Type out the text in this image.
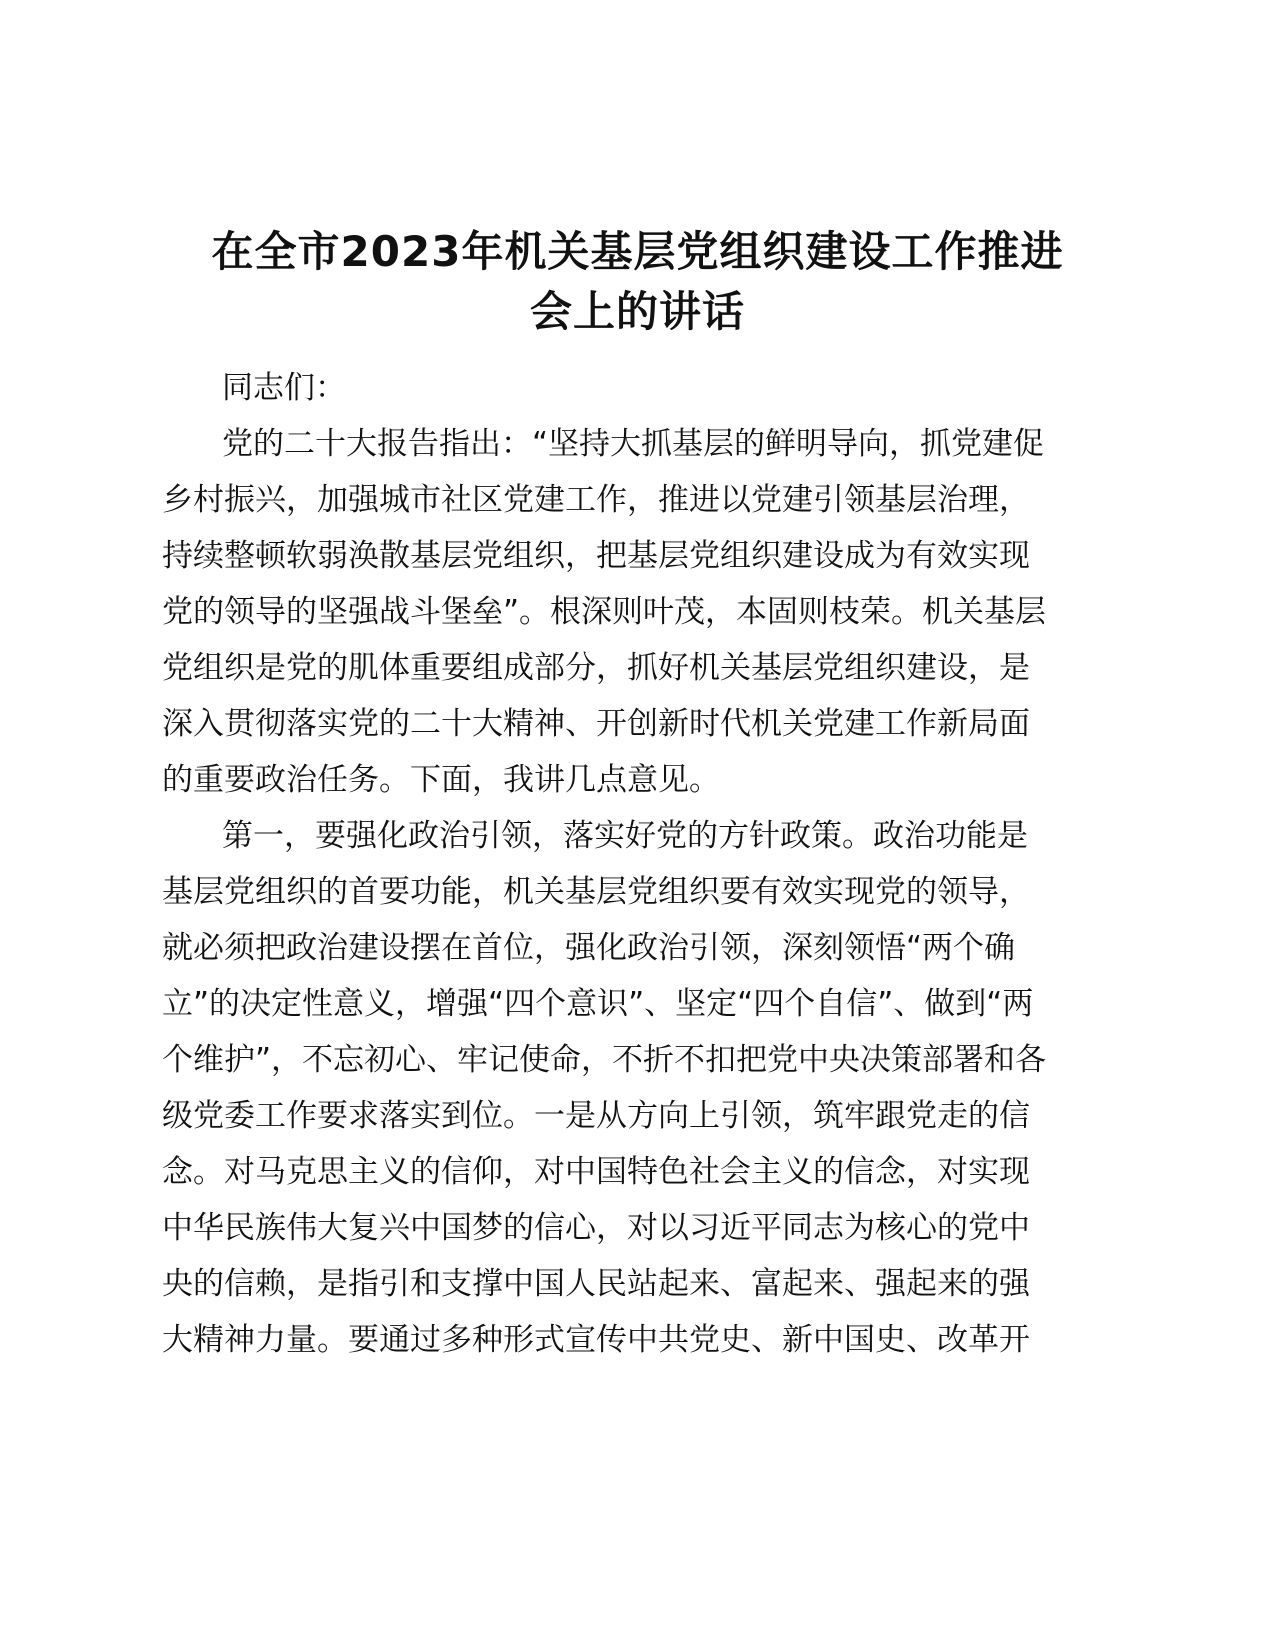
在全市2023年机关基层党组织建设工作推进
会上的讲话
同志们：
党的二十大报告指出：“坚持大抓基层的鲜明导向，抓党建促
乡村振兴，加强城市社区党建工作，推进以党建引领基层治理，
持续整顿软弱涣散基层党组织，把基层党组织建设成为有效实现
党的领导的坚强战斗堡垒”。根深则叶茂，本固则枝荣。机关基层
党组织是党的肌体重要组成部分，抓好机关基层党组织建设，是
深入贯彻落实党的二十大精神、开创新时代机关党建工作新局面
的重要政治任务。下面，我讲几点意见。
第一，要强化政治引领，落实好党的方针政策。政治功能是
基层党组织的首要功能，机关基层党组织要有效实现党的领导，
就必须把政治建设摆在首位，强化政治引领，深刻领悟“两个确
立”的决定性意义，增强“四个意识”、坚定“四个自信”、做到“两
个维护”，不忘初心、牢记使命，不折不扣把党中央决策部署和各
级党委工作要求落实到位。一是从方向上引领，筑牢跟党走的信
念。对马克思主义的信仰，对中国特色社会主义的信念，对实现
中华民族伟大复兴中国梦的信心，对以习近平同志为核心的党中
央的信赖，是指引和支撑中国人民站起来、富起来、强起来的强
大精神力量。要通过多种形式宣传中共党史、新中国史、改革开
